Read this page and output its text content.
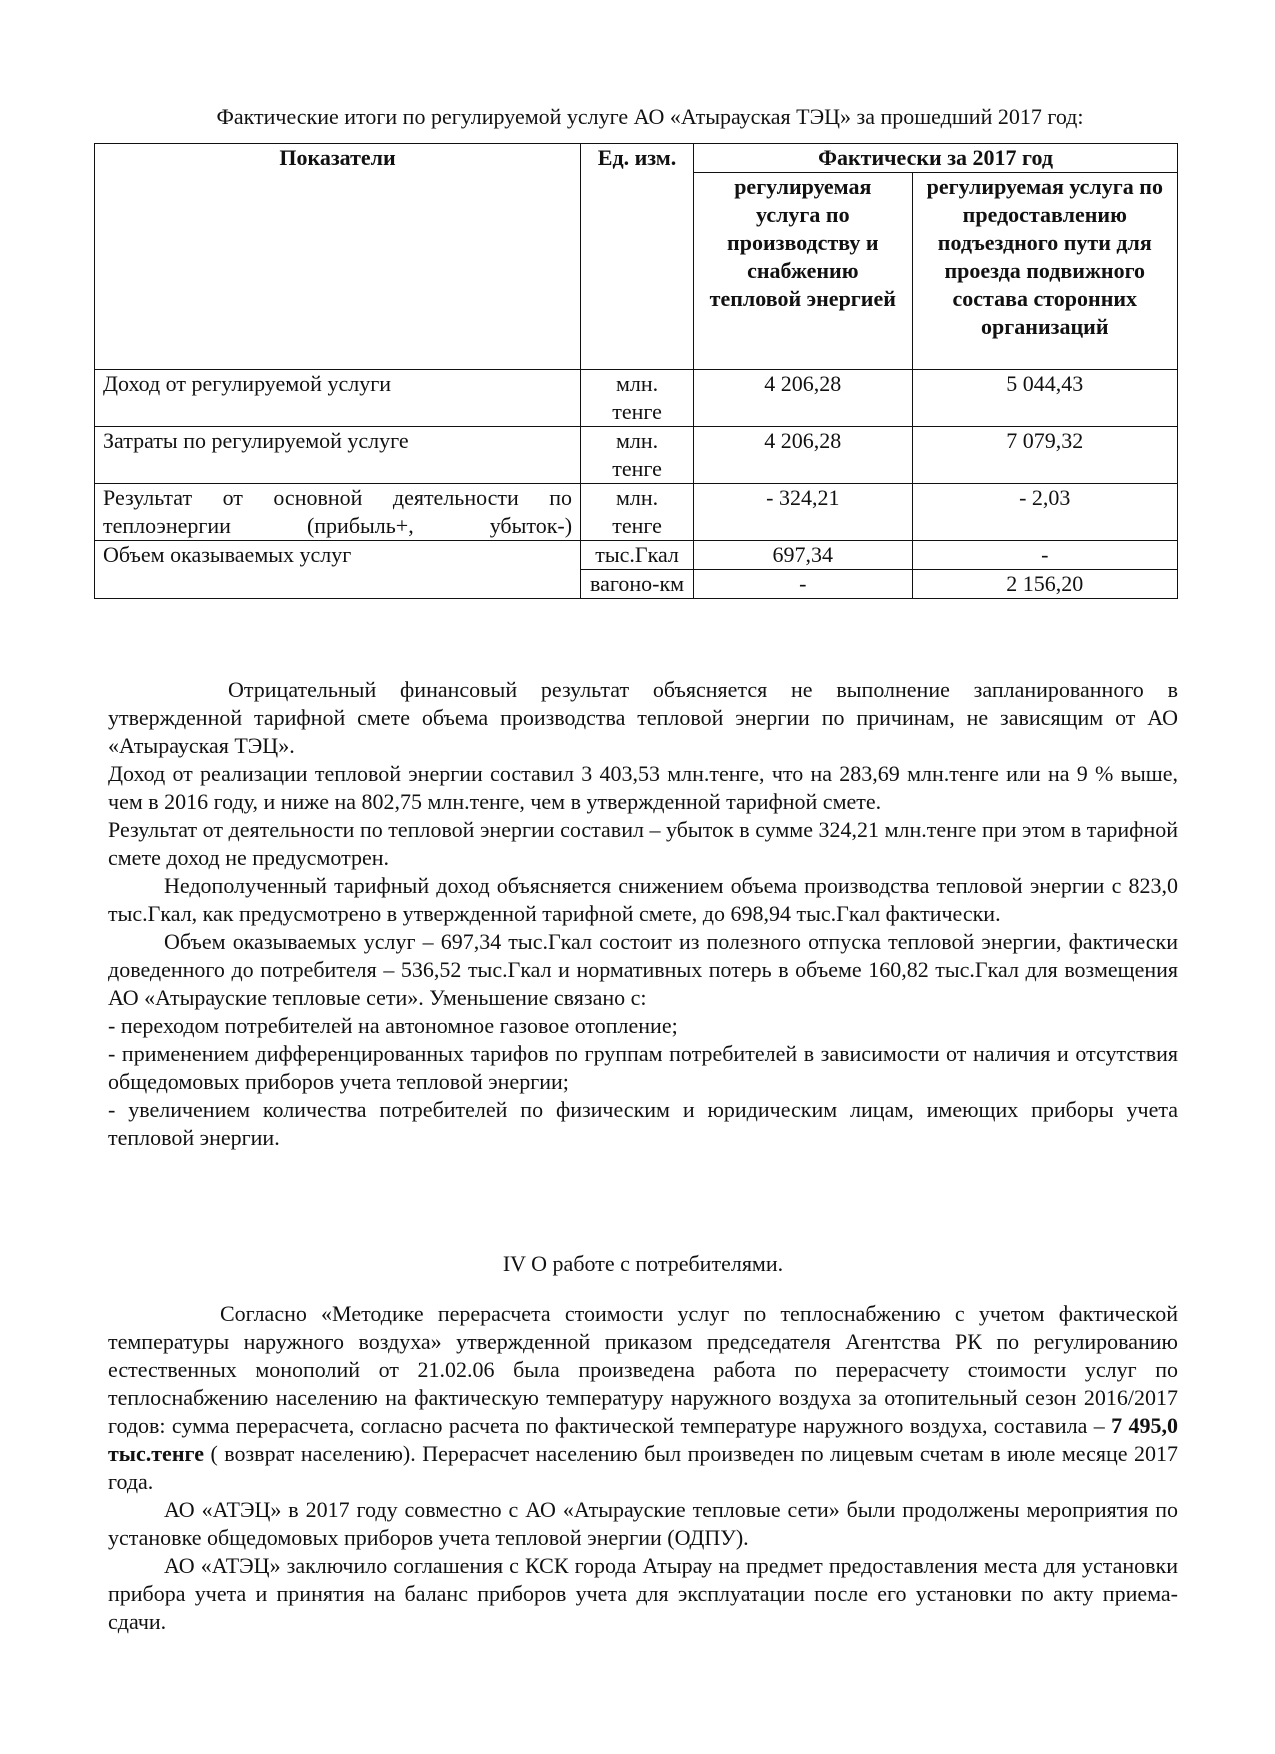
Фактические итоги по регулируемой услуге АО «Атырауская ТЭЦ» за прошедший 2017 год:
Показатели	Ед. изм.	Фактически за 2017 год	
		регулируемая услуга по производству и снабжению тепловой энергией	регулируемая услуга по предоставлению подъездного пути для проезда подвижного состава сторонних организаций
Доход от регулируемой услуги	млн. тенге	4 206,28	5 044,43
Затраты по регулируемой услуге	млн. тенге	4 206,28	7 079,32
Результат от основной деятельности по теплоэнергии (прибыль+, убыток-)	млн. тенге	- 324,21	- 2,03
Объем оказываемых услуг	тыс.Гкал	697,34	-
	вагоно-км	-	2 156,20

Отрицательный финансовый результат объясняется не выполнение запланированного в утвержденной тарифной смете объема производства тепловой энергии по причинам, не зависящим от АО «Атырауская ТЭЦ».

Доход от реализации тепловой энергии составил 3 403,53 млн.тенге, что на 283,69 млн.тенге или на 9 % выше, чем в 2016 году, и ниже на 802,75 млн.тенге, чем в утвержденной тарифной смете.

Результат от деятельности по тепловой энергии составил – убыток в сумме 324,21 млн.тенге при этом в тарифной смете доход не предусмотрен.

Недополученный тарифный доход объясняется снижением объема производства тепловой энергии с 823,0 тыс.Гкал, как предусмотрено в утвержденной тарифной смете, до 698,94 тыс.Гкал фактически.

Объем оказываемых услуг – 697,34 тыс.Гкал состоит из полезного отпуска тепловой энергии, фактически доведенного до потребителя – 536,52 тыс.Гкал и нормативных потерь в объеме 160,82 тыс.Гкал для возмещения АО «Атырауские тепловые сети». Уменьшение связано с:

- переходом потребителей на автономное газовое отопление;

- применением дифференцированных тарифов по группам потребителей в зависимости от наличия и отсутствия общедомовых приборов учета тепловой энергии;

- увеличением количества потребителей по физическим и юридическим лицам, имеющих приборы учета тепловой энергии.

IV О работе с потребителями.

Согласно «Методике перерасчета стоимости услуг по теплоснабжению с учетом фактической температуры наружного воздуха» утвержденной приказом председателя Агентства РК по регулированию естественных монополий от 21.02.06 была произведена работа по перерасчету стоимости услуг по теплоснабжению населению на фактическую температуру наружного воздуха за отопительный сезон 2016/2017 годов: сумма перерасчета, согласно расчета по фактической температуре наружного воздуха, составила – 7 495,0 тыс.тенге ( возврат населению). Перерасчет населению был произведен по лицевым счетам в июле месяце 2017 года.

АО «АТЭЦ» в 2017 году совместно с АО «Атырауские тепловые сети» были продолжены мероприятия по установке общедомовых приборов учета тепловой энергии (ОДПУ).

АО «АТЭЦ» заключило соглашения с КСК города Атырау на предмет предоставления места для установки прибора учета и принятия на баланс приборов учета для эксплуатации после его установки по акту приема-сдачи.
